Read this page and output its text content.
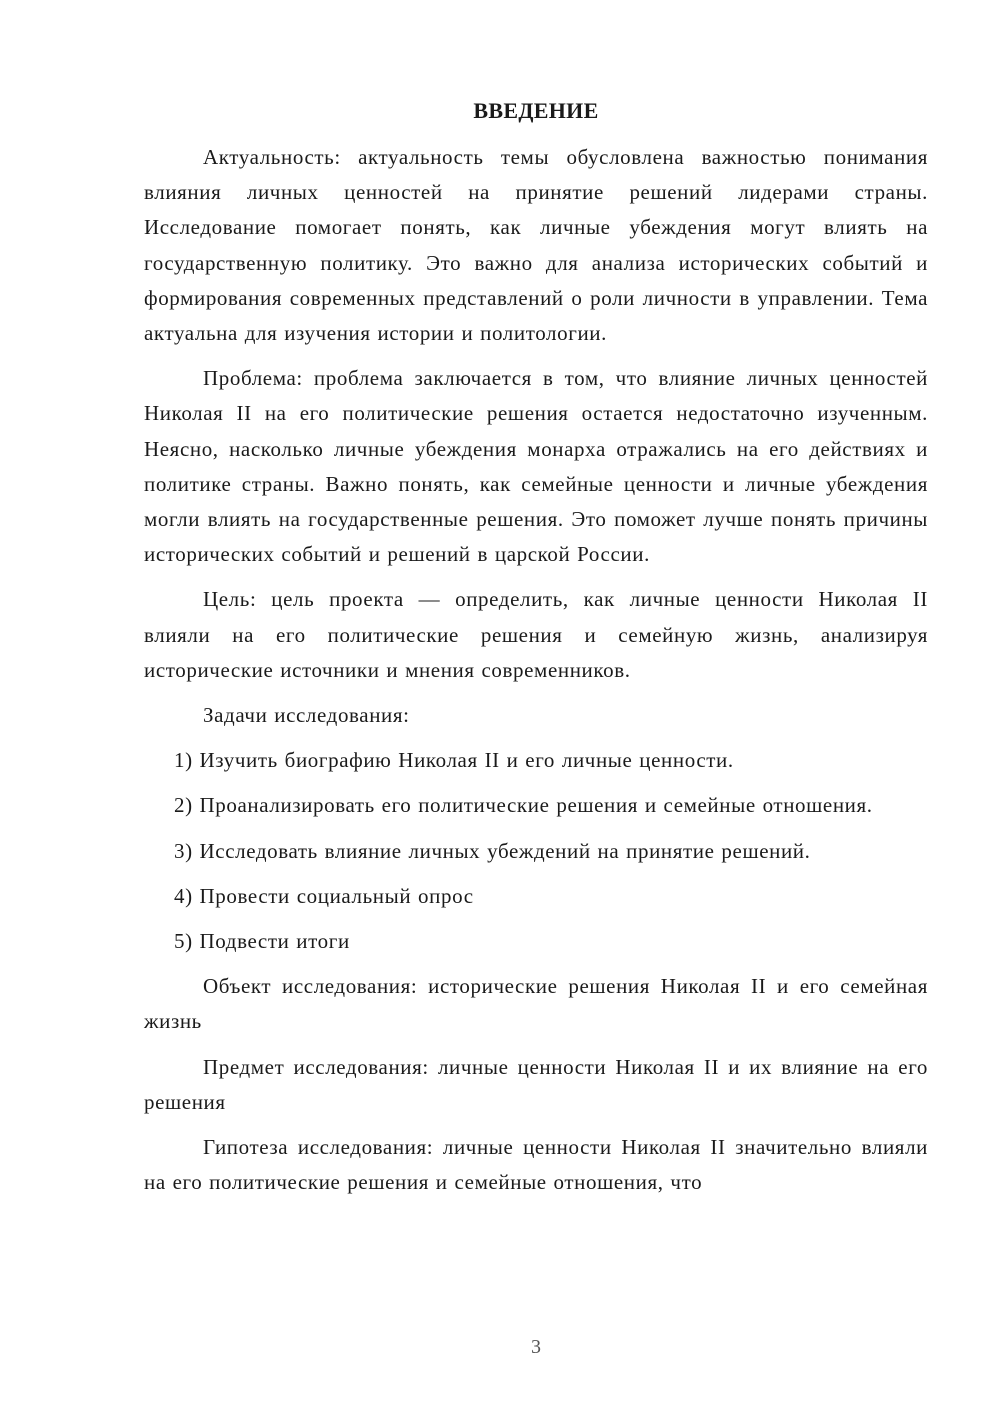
ВВЕДЕНИЕ

Актуальность: актуальность темы обусловлена важностью понимания влияния личных ценностей на принятие решений лидерами страны. Исследование помогает понять, как личные убеждения могут влиять на государственную политику. Это важно для анализа исторических событий и формирования современных представлений о роли личности в управлении. Тема актуальна для изучения истории и политологии.

Проблема: проблема заключается в том, что влияние личных ценностей Николая II на его политические решения остается недостаточно изученным. Неясно, насколько личные убеждения монарха отражались на его действиях и политике страны. Важно понять, как семейные ценности и личные убеждения могли влиять на государственные решения. Это поможет лучше понять причины исторических событий и решений в царской России.

Цель: цель проекта — определить, как личные ценности Николая II влияли на его политические решения и семейную жизнь, анализируя исторические источники и мнения современников.

Задачи исследования:

1) Изучить биографию Николая II и его личные ценности.

2) Проанализировать его политические решения и семейные отношения.

3) Исследовать влияние личных убеждений на принятие решений.

4) Провести социальный опрос

5) Подвести итоги

Объект исследования: исторические решения Николая II и его семейная жизнь

Предмет исследования: личные ценности Николая II и их влияние на его решения

Гипотеза исследования: личные ценности Николая II значительно влияли на его политические решения и семейные отношения, что

3
